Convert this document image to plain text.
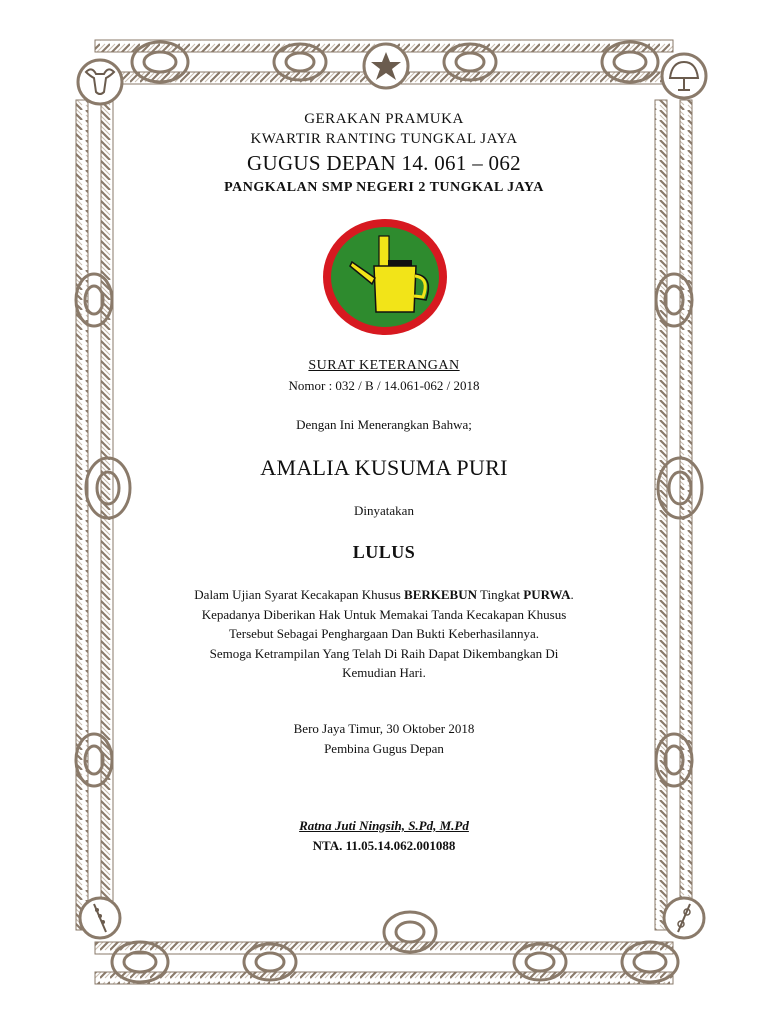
GERAKAN PRAMUKA
KWARTIR RANTING TUNGKAL JAYA
GUGUS DEPAN 14. 061 – 062
PANGKALAN SMP NEGERI 2 TUNGKAL JAYA
SURAT KETERANGAN
Nomor : 032 / B / 14.061-062 / 2018
Dengan Ini Menerangkan Bahwa;
AMALIA KUSUMA PURI
Dinyatakan
LULUS

Dalam Ujian Syarat Kecakapan Khusus BERKEBUN Tingkat PURWA.

Kepadanya Diberikan Hak Untuk Memakai Tanda Kecakapan Khusus

Tersebut Sebagai Penghargaan Dan Bukti Keberhasilannya.

Semoga Ketrampilan Yang Telah Di Raih Dapat Dikembangkan Di

Kemudian Hari.

Bero Jaya Timur, 30 Oktober 2018
Pembina Gugus Depan
Ratna Juti Ningsih, S.Pd, M.Pd
NTA. 11.05.14.062.001088
